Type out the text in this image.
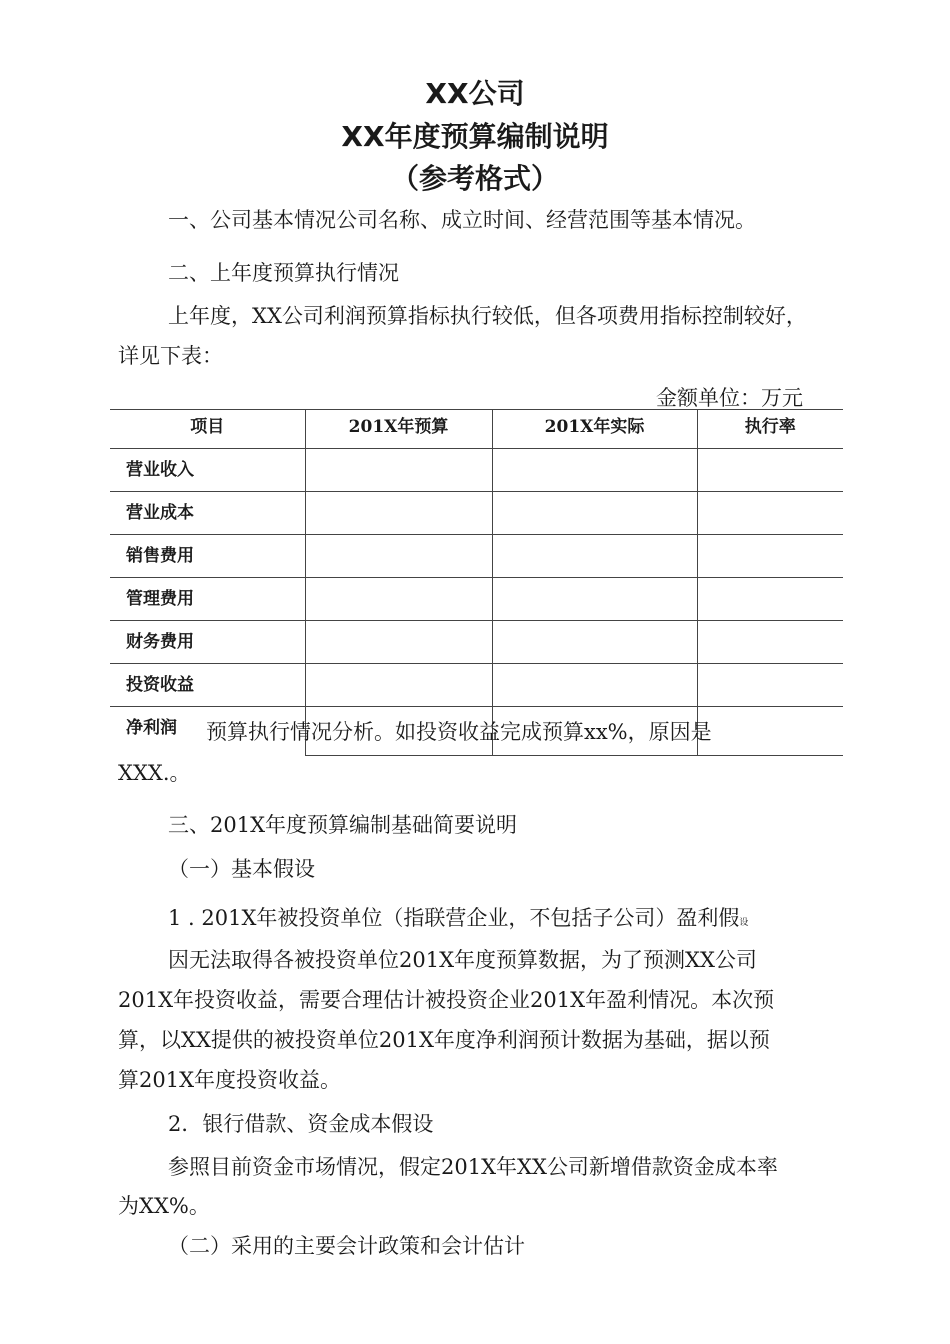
XX公司
XX年度预算编制说明
（参考格式）
一、公司基本情况公司名称、成立时间、经营范围等基本情况。
二、上年度预算执行情况
上年度，XX公司利润预算指标执行较低，但各项费用指标控制较好，
详见下表：
金额单位：万元
项目	201X年预算	201X年实际	执行率
营业收入			
营业成本			
销售费用			
管理费用			
财务费用			
投资收益			
净利润				预算执行情况分析。如投资收益完成预算xx%，原因是
XXX.。
三、201X年度预算编制基础简要说明
（一）基本假设
1 . 201X年被投资单位（指联营企业，不包括子公司）盈利假设
因无法取得各被投资单位201X年度预算数据，为了预测XX公司
201X年投资收益，需要合理估计被投资企业201X年盈利情况。本次预
算，以XX提供的被投资单位201X年度净利润预计数据为基础，据以预
算201X年度投资收益。
2．银行借款、资金成本假设
参照目前资金市场情况，假定201X年XX公司新增借款资金成本率
为XX%。
（二）采用的主要会计政策和会计估计
